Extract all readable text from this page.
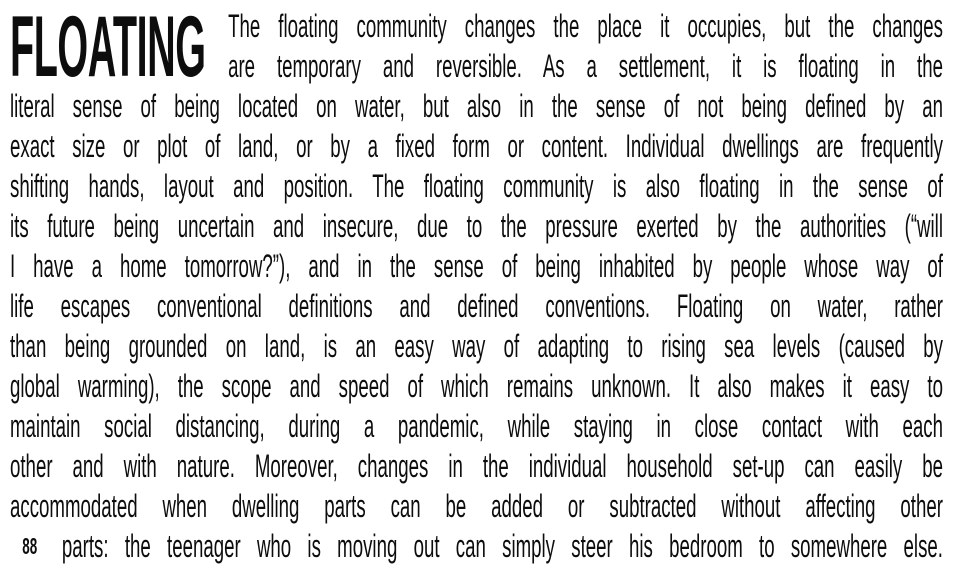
FLOATING The floating community changes the place it occupies, but the changes
are temporary and reversible. As a settlement, it is floating in the
literal sense of being located on water, but also in the sense of not being defined by an
exact size or plot of land, or by a fixed form or content. Individual dwellings are frequently
shifting hands, layout and position. The floating community is also floating in the sense of
its future being uncertain and insecure, due to the pressure exerted by the authorities (“will
I have a home tomorrow?”), and in the sense of being inhabited by people whose way of
life escapes conventional definitions and defined conventions. Floating on water, rather
than being grounded on land, is an easy way of adapting to rising sea levels (caused by
global warming), the scope and speed of which remains unknown. It also makes it easy to
maintain social distancing, during a pandemic, while staying in close contact with each
other and with nature. Moreover, changes in the individual household set-up can easily be
accommodated when dwelling parts can be added or subtracted without affecting other
parts: the teenager who is moving out can simply steer his bedroom to somewhere else.
88
